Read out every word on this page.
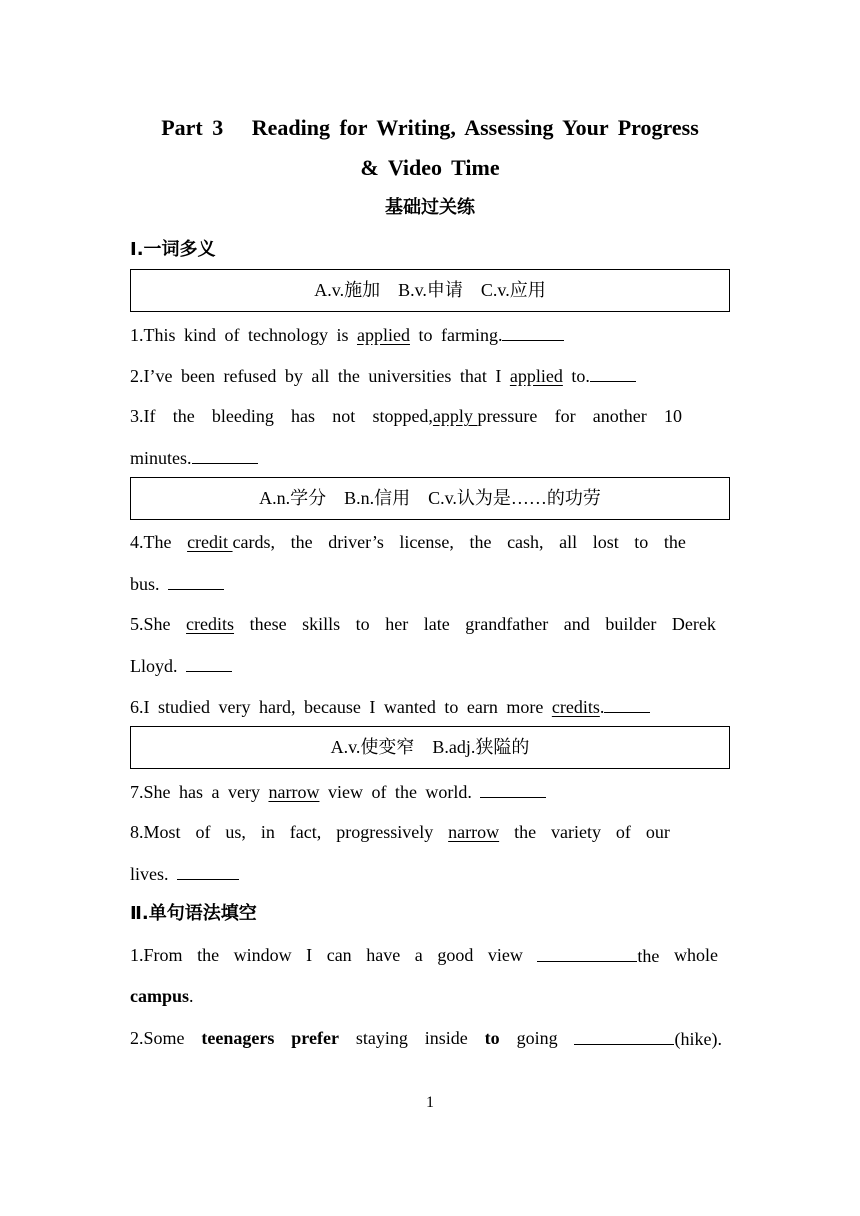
Part 3   Reading for Writing, Assessing Your Progress
& Video Time
基础过关练
Ⅰ.一词多义
A.v.施加　B.v.申请　C.v.应用
1.This kind of technology is applied to farming.
2.I’ve been refused by all the universities that I applied to.
3.If the bleeding has not stopped,apply pressure for another 10
minutes.
A.n.学分　B.n.信用　C.v.认为是……的功劳
4.The credit cards, the driver’s license, the cash, all lost to the
bus.
5.She credits these skills to her late grandfather and builder Derek
Lloyd.
6.I studied very hard, because I wanted to earn more credits.
A.v.使变窄　B.adj.狭隘的
7.She has a very narrow view of the world.
8.Most of us, in fact, progressively narrow the variety of our
lives.
Ⅱ.单句语法填空
1.From the window I can have a good view	the whole
campus.
2.Some teenagers prefer staying inside to going	(hike).
1
